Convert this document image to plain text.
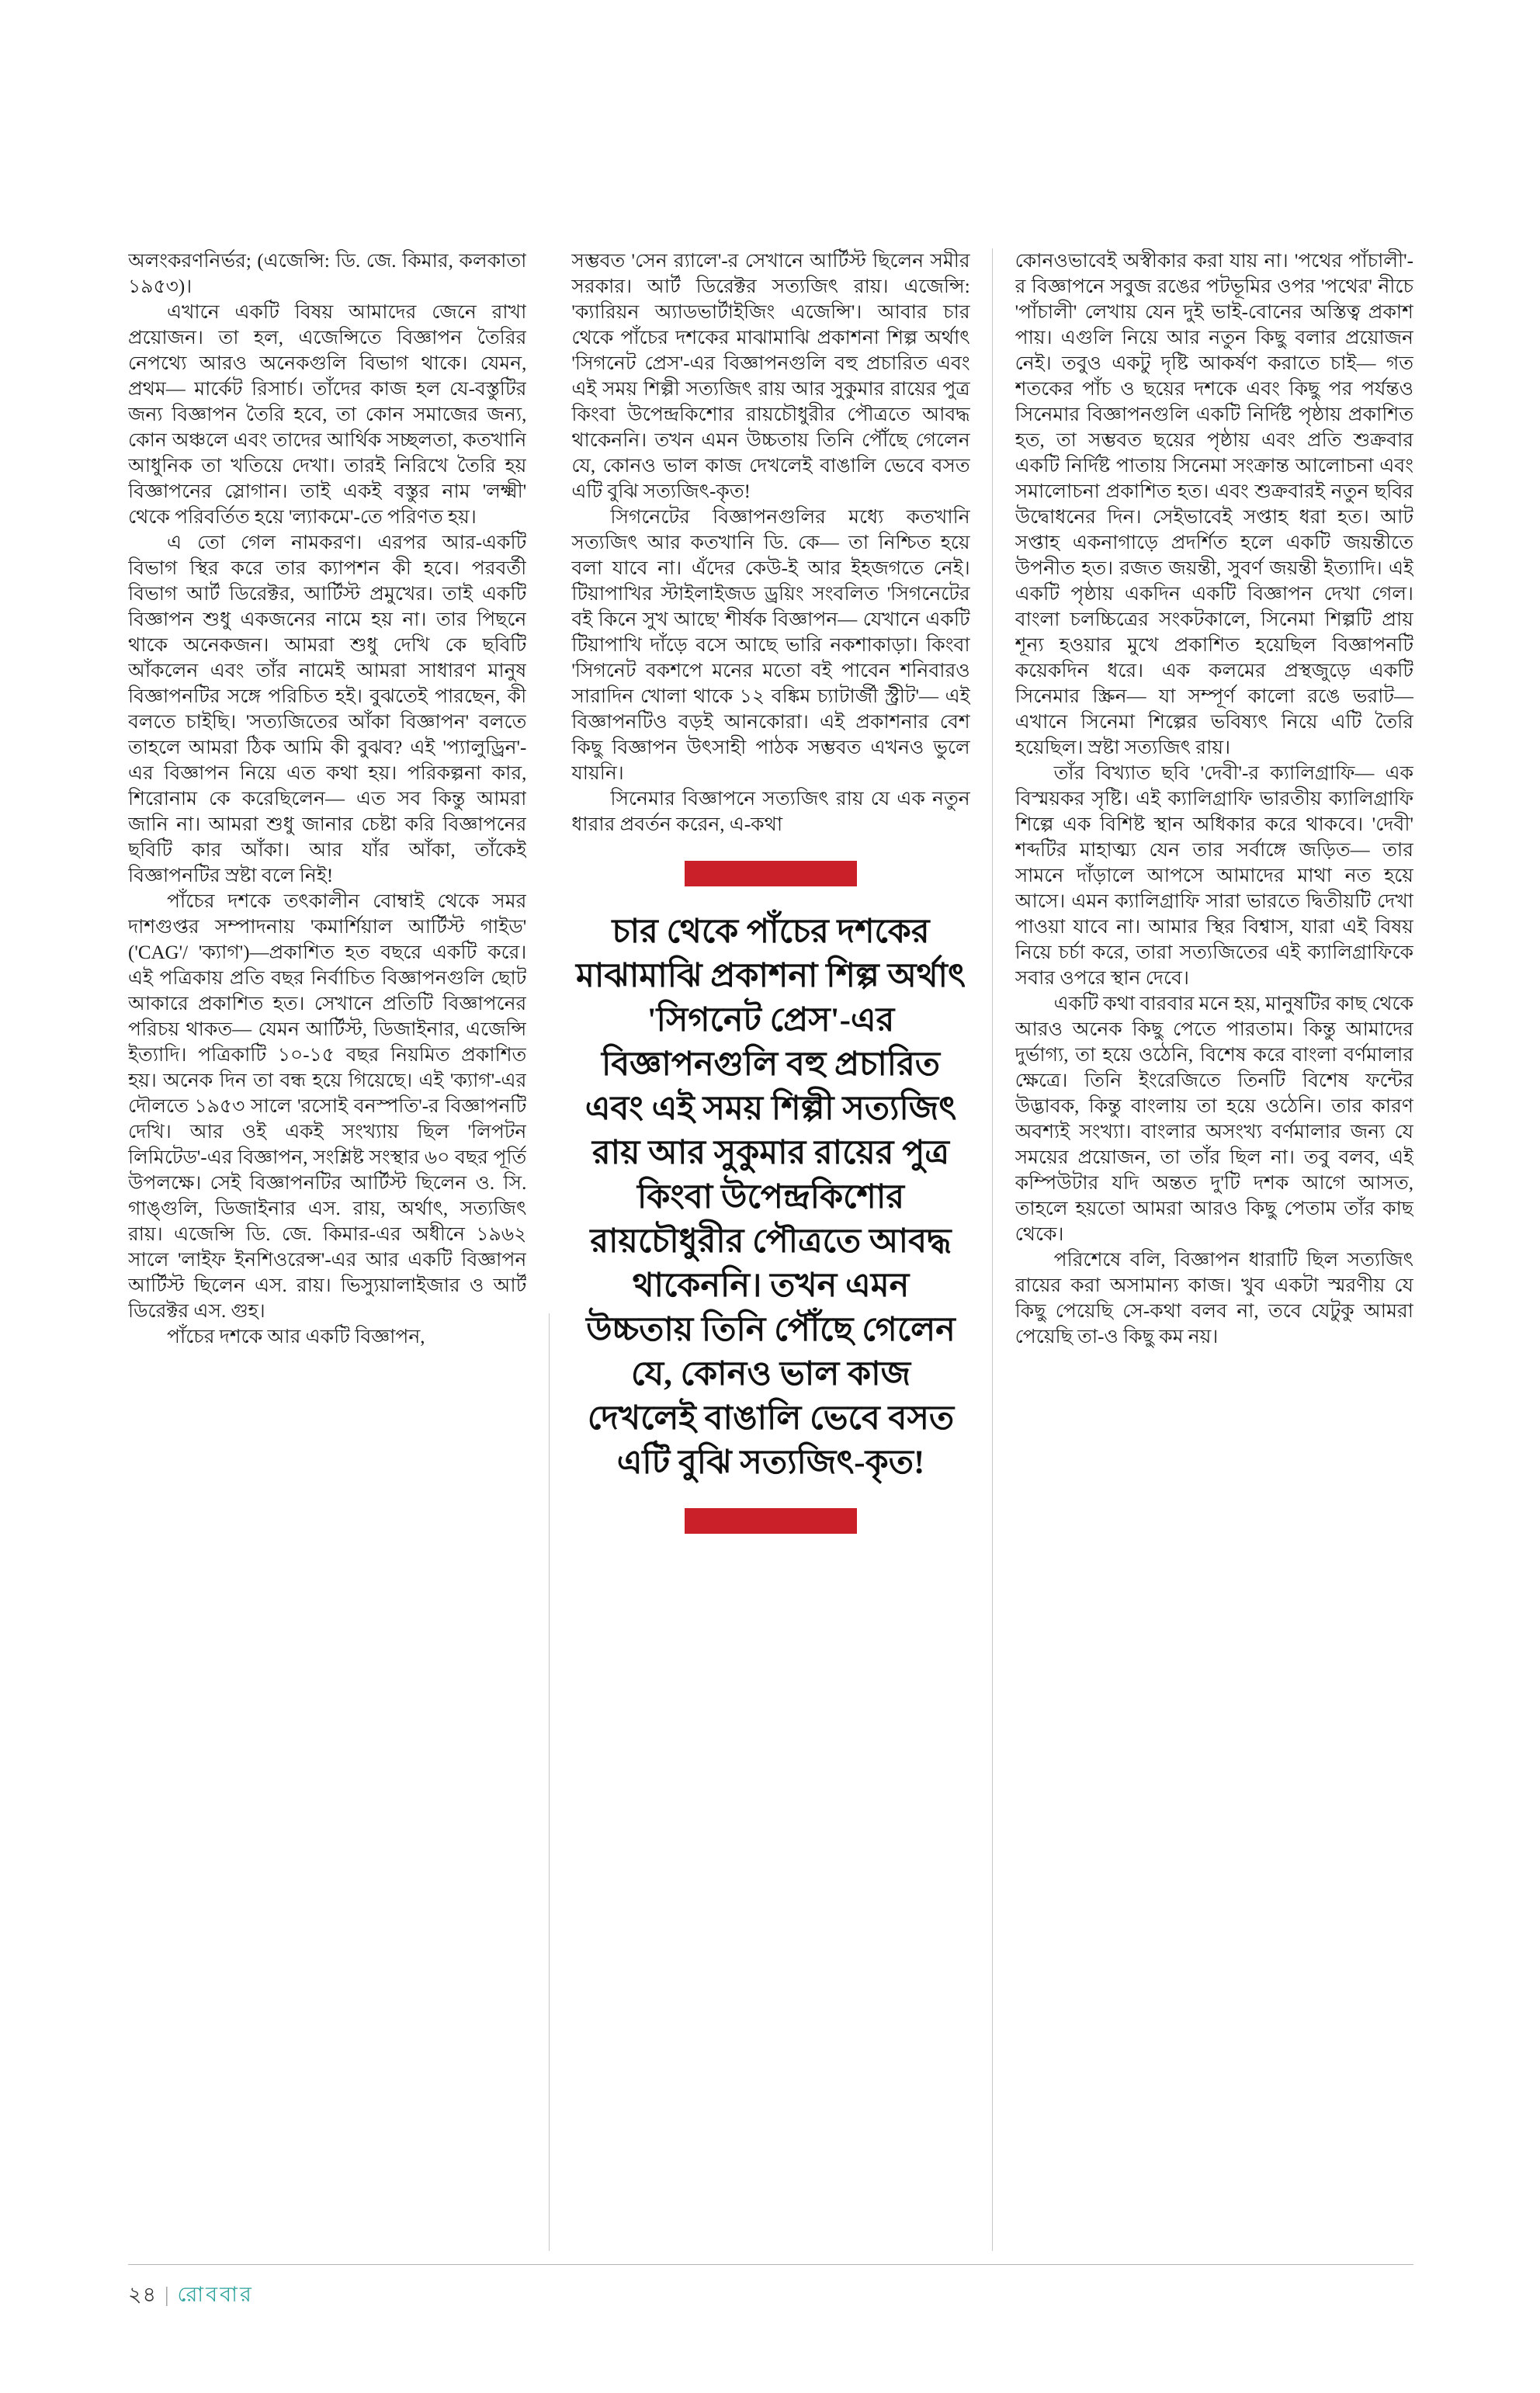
অলংকরণনির্ভর; (এজেন্সি: ডি. জে. কিমার, কলকাতা ১৯৫৩)।

এখানে একটি বিষয় আমাদের জেনে রাখা প্রয়োজন। তা হল, এজেন্সিতে বিজ্ঞাপন তৈরির নেপথ্যে আরও অনেকগুলি বিভাগ থাকে। যেমন, প্রথম— মার্কেট রিসার্চ। তাঁদের কাজ হল যে-বস্তুটির জন্য বিজ্ঞাপন তৈরি হবে, তা কোন সমাজের জন্য, কোন অঞ্চলে এবং তাদের আর্থিক সচ্ছলতা, কতখানি আধুনিক তা খতিয়ে দেখা। তারই নিরিখে তৈরি হয় বিজ্ঞাপনের স্লোগান। তাই একই বস্তুর নাম 'লক্ষ্মী' থেকে পরিবর্তিত হয়ে 'ল্যাকমে'-তে পরিণত হয়।

এ তো গেল নামকরণ। এরপর আর-একটি বিভাগ স্থির করে তার ক্যাপশন কী হবে। পরবর্তী বিভাগ আর্ট ডিরেক্টর, আর্টিস্ট প্রমুখের। তাই একটি বিজ্ঞাপন শুধু একজনের নামে হয় না। তার পিছনে থাকে অনেকজন। আমরা শুধু দেখি কে ছবিটি আঁকলেন এবং তাঁর নামেই আমরা সাধারণ মানুষ বিজ্ঞাপনটির সঙ্গে পরিচিত হই। বুঝতেই পারছেন, কী বলতে চাইছি। 'সত্যজিতের আঁকা বিজ্ঞাপন' বলতে তাহলে আমরা ঠিক আমি কী বুঝব? এই 'প্যালুড্রিন'-এর বিজ্ঞাপন নিয়ে এত কথা হয়। পরিকল্পনা কার, শিরোনাম কে করেছিলেন— এত সব কিন্তু আমরা জানি না। আমরা শুধু জানার চেষ্টা করি বিজ্ঞাপনের ছবিটি কার আঁকা। আর যাঁর আঁকা, তাঁকেই বিজ্ঞাপনটির স্রষ্টা বলে নিই!

পাঁচের দশকে তৎকালীন বোম্বাই থেকে সমর দাশগুপ্তর সম্পাদনায় 'কমার্শিয়াল আর্টিস্ট গাইড' ('CAG'/ 'ক্যাগ')—প্রকাশিত হত বছরে একটি করে। এই পত্রিকায় প্রতি বছর নির্বাচিত বিজ্ঞাপনগুলি ছোট আকারে প্রকাশিত হত। সেখানে প্রতিটি বিজ্ঞাপনের পরিচয় থাকত— যেমন আর্টিস্ট, ডিজাইনার, এজেন্সি ইত্যাদি। পত্রিকাটি ১০-১৫ বছর নিয়মিত প্রকাশিত হয়। অনেক দিন তা বন্ধ হয়ে গিয়েছে। এই 'ক্যাগ'-এর দৌলতে ১৯৫৩ সালে 'রসোই বনস্পতি'-র বিজ্ঞাপনটি দেখি। আর ওই একই সংখ্যায় ছিল 'লিপটন লিমিটেড'-এর বিজ্ঞাপন, সংশ্লিষ্ট সংস্থার ৬০ বছর পূর্তি উপলক্ষে। সেই বিজ্ঞাপনটির আর্টিস্ট ছিলেন ও. সি. গাঙ্গুলি, ডিজাইনার এস. রায়, অর্থাৎ, সত্যজিৎ রায়। এজেন্সি ডি. জে. কিমার-এর অধীনে ১৯৬২ সালে 'লাইফ ইনশিওরেন্স'-এর আর একটি বিজ্ঞাপন আর্টিস্ট ছিলেন এস. রায়। ভিস্যুয়ালাইজার ও আর্ট ডিরেক্টর এস. গুহ।

পাঁচের দশকে আর একটি বিজ্ঞাপন,

সম্ভবত 'সেন র‍্যালে'-র সেখানে আর্টিস্ট ছিলেন সমীর সরকার। আর্ট ডিরেক্টর সত্যজিৎ রায়। এজেন্সি: 'ক্যারিয়ন অ্যাডভার্টাইজিং এজেন্সি'। আবার চার থেকে পাঁচের দশকের মাঝামাঝি প্রকাশনা শিল্প অর্থাৎ 'সিগনেট প্রেস'-এর বিজ্ঞাপনগুলি বহু প্রচারিত এবং এই সময় শিল্পী সত্যজিৎ রায় আর সুকুমার রায়ের পুত্র কিংবা উপেন্দ্রকিশোর রায়চৌধুরীর পৌত্রতে আবদ্ধ থাকেননি। তখন এমন উচ্চতায় তিনি পৌঁছে গেলেন যে, কোনও ভাল কাজ দেখলেই বাঙালি ভেবে বসত এটি বুঝি সত্যজিৎ-কৃত!

সিগনেটের বিজ্ঞাপনগুলির মধ্যে কতখানি সত্যজিৎ আর কতখানি ডি. কে— তা নিশ্চিত হয়ে বলা যাবে না। এঁদের কেউ-ই আর ইহজগতে নেই। টিয়াপাখির স্টাইলাইজড ড্রয়িং সংবলিত 'সিগনেটের বই কিনে সুখ আছে' শীর্ষক বিজ্ঞাপন— যেখানে একটি টিয়াপাখি দাঁড়ে বসে আছে ভারি নকশাকাড়া। কিংবা 'সিগনেট বকশপে মনের মতো বই পাবেন শনিবারও সারাদিন খোলা থাকে ১২ বঙ্কিম চ্যাটার্জী স্ট্রীট'— এই বিজ্ঞাপনটিও বড়ই আনকোরা। এই প্রকাশনার বেশ কিছু বিজ্ঞাপন উৎসাহী পাঠক সম্ভবত এখনও ভুলে যায়নি।

সিনেমার বিজ্ঞাপনে সত্যজিৎ রায় যে এক নতুন ধারার প্রবর্তন করেন, এ-কথা

চার থেকে পাঁচের দশকের মাঝামাঝি প্রকাশনা শিল্প অর্থাৎ 'সিগনেট প্রেস'-এর বিজ্ঞাপনগুলি বহু প্রচারিত এবং এই সময় শিল্পী সত্যজিৎ রায় আর সুকুমার রায়ের পুত্র কিংবা উপেন্দ্রকিশোর রায়চৌধুরীর পৌত্রতে আবদ্ধ থাকেননি। তখন এমন উচ্চতায় তিনি পৌঁছে গেলেন যে, কোনও ভাল কাজ দেখলেই বাঙালি ভেবে বসত এটি বুঝি সত্যজিৎ-কৃত!

কোনওভাবেই অস্বীকার করা যায় না। 'পথের পাঁচালী'-র বিজ্ঞাপনে সবুজ রঙের পটভূমির ওপর 'পথের' নীচে 'পাঁচালী' লেখায় যেন দুই ভাই-বোনের অস্তিত্ব প্রকাশ পায়। এগুলি নিয়ে আর নতুন কিছু বলার প্রয়োজন নেই। তবুও একটু দৃষ্টি আকর্ষণ করাতে চাই— গত শতকের পাঁচ ও ছয়ের দশকে এবং কিছু পর পর্যন্তও সিনেমার বিজ্ঞাপনগুলি একটি নির্দিষ্ট পৃষ্ঠায় প্রকাশিত হত, তা সম্ভবত ছয়ের পৃষ্ঠায় এবং প্রতি শুক্রবার একটি নির্দিষ্ট পাতায় সিনেমা সংক্রান্ত আলোচনা এবং সমালোচনা প্রকাশিত হত। এবং শুক্রবারই নতুন ছবির উদ্বোধনের দিন। সেইভাবেই সপ্তাহ ধরা হত। আট সপ্তাহ একনাগাড়ে প্রদর্শিত হলে একটি জয়ন্তীতে উপনীত হত। রজত জয়ন্তী, সুবর্ণ জয়ন্তী ইত্যাদি। এই একটি পৃষ্ঠায় একদিন একটি বিজ্ঞাপন দেখা গেল। বাংলা চলচ্চিত্রের সংকটকালে, সিনেমা শিল্পটি প্রায় শূন্য হওয়ার মুখে প্রকাশিত হয়েছিল বিজ্ঞাপনটি কয়েকদিন ধরে। এক কলমের প্রস্থজুড়ে একটি সিনেমার স্ক্রিন— যা সম্পূর্ণ কালো রঙে ভরাট— এখানে সিনেমা শিল্পের ভবিষ্যৎ নিয়ে এটি তৈরি হয়েছিল। স্রষ্টা সত্যজিৎ রায়।

তাঁর বিখ্যাত ছবি 'দেবী'-র ক্যালিগ্রাফি— এক বিস্ময়কর সৃষ্টি। এই ক্যালিগ্রাফি ভারতীয় ক্যালিগ্রাফি শিল্পে এক বিশিষ্ট স্থান অধিকার করে থাকবে। 'দেবী' শব্দটির মাহাত্ম্য যেন তার সর্বাঙ্গে জড়িত— তার সামনে দাঁড়ালে আপসে আমাদের মাথা নত হয়ে আসে। এমন ক্যালিগ্রাফি সারা ভারতে দ্বিতীয়টি দেখা পাওয়া যাবে না। আমার স্থির বিশ্বাস, যারা এই বিষয় নিয়ে চর্চা করে, তারা সত্যজিতের এই ক্যালিগ্রাফিকে সবার ওপরে স্থান দেবে।

একটি কথা বারবার মনে হয়, মানুষটির কাছ থেকে আরও অনেক কিছু পেতে পারতাম। কিন্তু আমাদের দুর্ভাগ্য, তা হয়ে ওঠেনি, বিশেষ করে বাংলা বর্ণমালার ক্ষেত্রে। তিনি ইংরেজিতে তিনটি বিশেষ ফন্টের উদ্ভাবক, কিন্তু বাংলায় তা হয়ে ওঠেনি। তার কারণ অবশ্যই সংখ্যা। বাংলার অসংখ্য বর্ণমালার জন্য যে সময়ের প্রয়োজন, তা তাঁর ছিল না। তবু বলব, এই কম্পিউটার যদি অন্তত দু'টি দশক আগে আসত, তাহলে হয়তো আমরা আরও কিছু পেতাম তাঁর কাছ থেকে।

পরিশেষে বলি, বিজ্ঞাপন ধারাটি ছিল সত্যজিৎ রায়ের করা অসামান্য কাজ। খুব একটা স্মরণীয় যে কিছু পেয়েছি সে-কথা বলব না, তবে যেটুকু আমরা পেয়েছি তা-ও কিছু কম নয়।

২৪ | রোববার
